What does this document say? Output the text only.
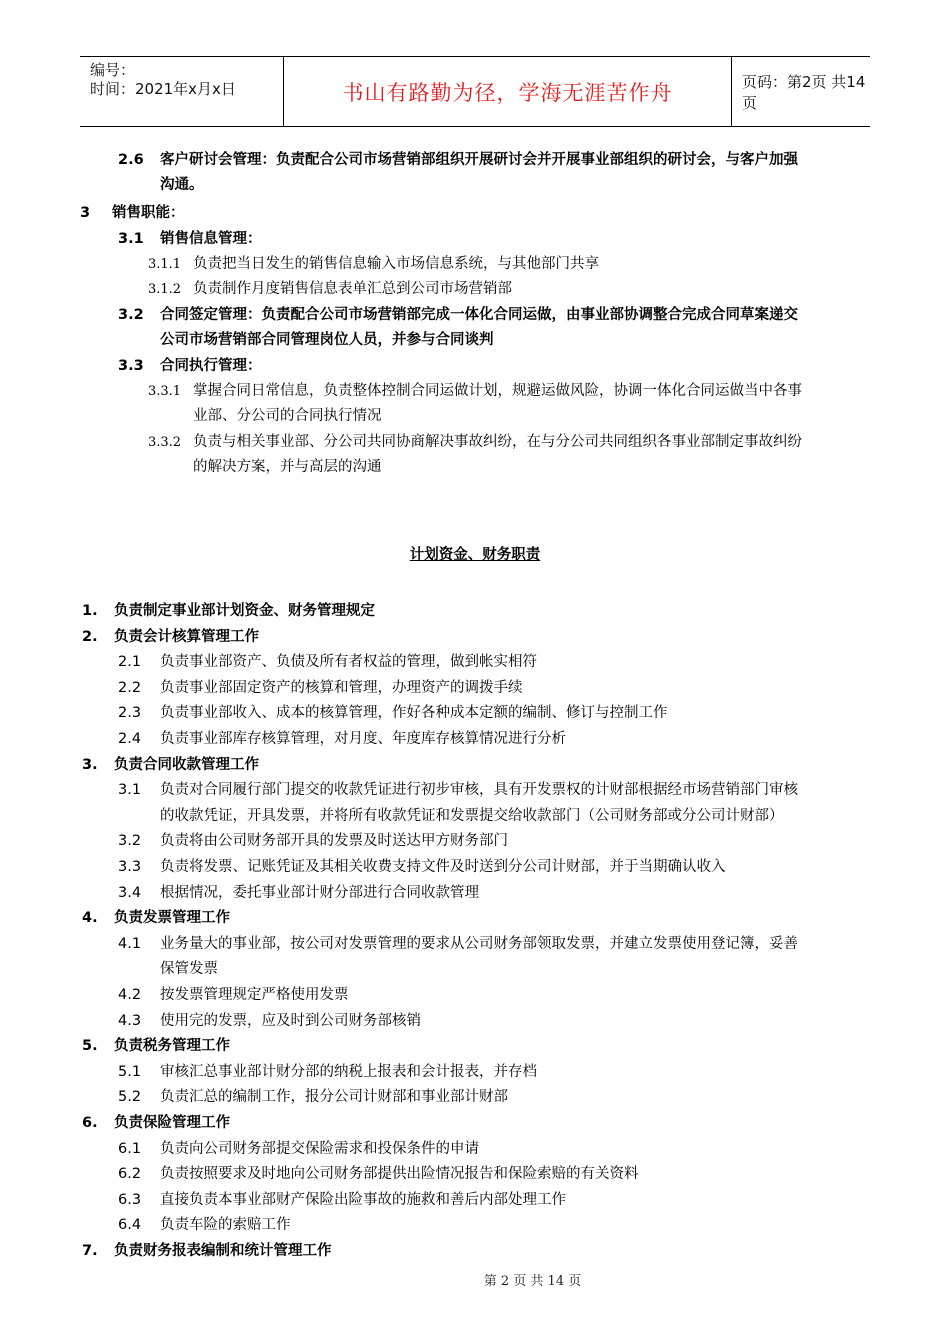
编号：
时间：2021年x月x日	书山有路勤为径，学海无涯苦作舟	页码：第2页 共14页
2.6 客户研讨会管理：负责配合公司市场营销部组织开展研讨会并开展事业部组织的研讨会，与客户加强
沟通。
3 销售职能：
3.1 销售信息管理：
3.1.1 负责把当日发生的销售信息输入市场信息系统，与其他部门共享
3.1.2 负责制作月度销售信息表单汇总到公司市场营销部
3.2 合同签定管理：负责配合公司市场营销部完成一体化合同运做，由事业部协调整合完成合同草案递交
公司市场营销部合同管理岗位人员，并参与合同谈判
3.3 合同执行管理：
3.3.1 掌握合同日常信息，负责整体控制合同运做计划，规避运做风险，协调一体化合同运做当中各事
业部、分公司的合同执行情况
3.3.2 负责与相关事业部、分公司共同协商解决事故纠纷，在与分公司共同组织各事业部制定事故纠纷
的解决方案，并与高层的沟通
计划资金、财务职责
1. 负责制定事业部计划资金、财务管理规定
2. 负责会计核算管理工作
2.1 负责事业部资产、负债及所有者权益的管理，做到帐实相符
2.2 负责事业部固定资产的核算和管理，办理资产的调拨手续
2.3 负责事业部收入、成本的核算管理，作好各种成本定额的编制、修订与控制工作
2.4 负责事业部库存核算管理，对月度、年度库存核算情况进行分析
3. 负责合同收款管理工作
3.1 负责对合同履行部门提交的收款凭证进行初步审核，具有开发票权的计财部根据经市场营销部门审核
的收款凭证，开具发票，并将所有收款凭证和发票提交给收款部门（公司财务部或分公司计财部）
3.2 负责将由公司财务部开具的发票及时送达甲方财务部门
3.3 负责将发票、记账凭证及其相关收费支持文件及时送到分公司计财部，并于当期确认收入
3.4 根据情况，委托事业部计财分部进行合同收款管理
4. 负责发票管理工作
4.1 业务量大的事业部，按公司对发票管理的要求从公司财务部领取发票，并建立发票使用登记簿，妥善
保管发票
4.2 按发票管理规定严格使用发票
4.3 使用完的发票，应及时到公司财务部核销
5. 负责税务管理工作
5.1 审核汇总事业部计财分部的纳税上报表和会计报表，并存档
5.2 负责汇总的编制工作，报分公司计财部和事业部计财部
6. 负责保险管理工作
6.1 负责向公司财务部提交保险需求和投保条件的申请
6.2 负责按照要求及时地向公司财务部提供出险情况报告和保险索赔的有关资料
6.3 直接负责本事业部财产保险出险事故的施救和善后内部处理工作
6.4 负责车险的索赔工作
7. 负责财务报表编制和统计管理工作
第 2 页 共 14 页
